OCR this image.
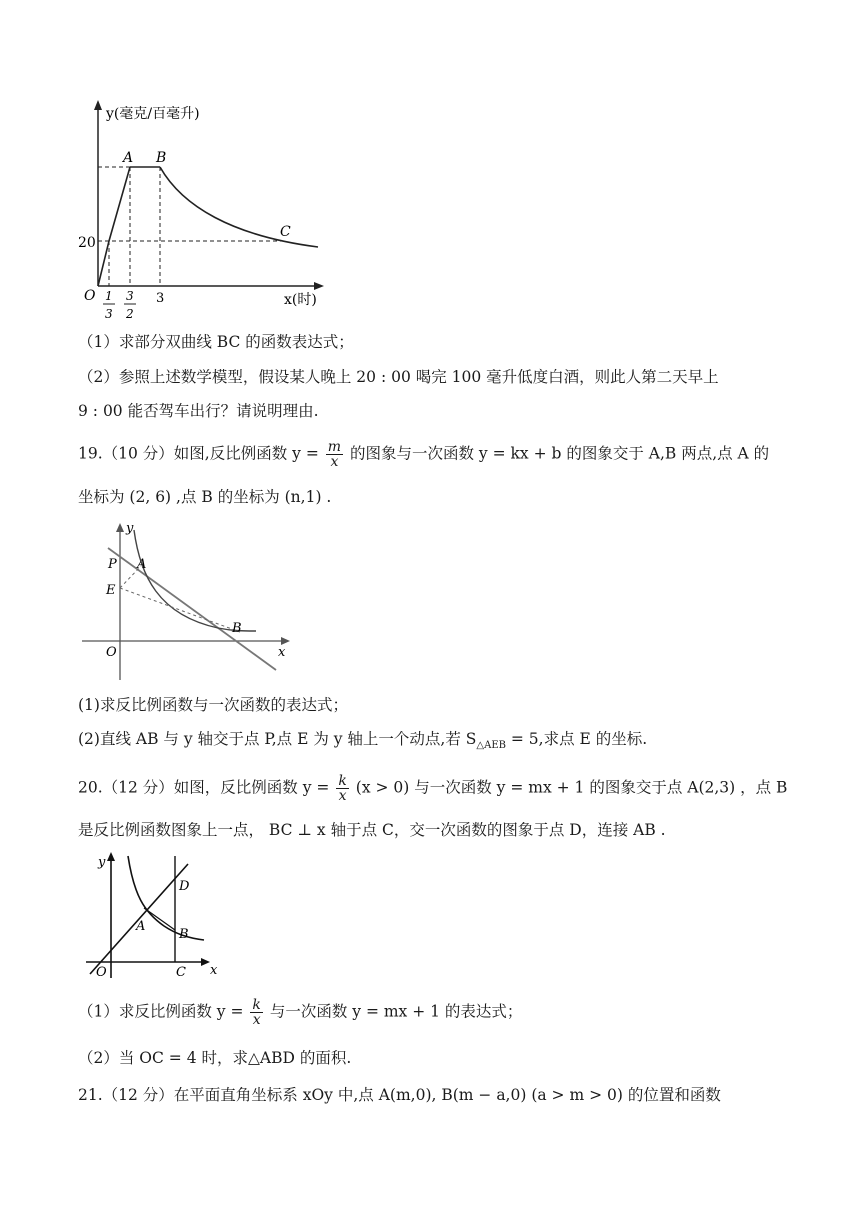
y(毫克/百毫升)
A B
C
20
O 1
3
3
2
3	x(时)
（1）求部分双曲线 BC 的函数表达式；
（2）参照上述数学模型，假设某人晚上 20 : 00 喝完 100 毫升低度白酒，则此人第二天早上
9 : 00 能否驾车出行？请说明理由.
19.（10 分）如图,反比例函数 $y = \frac{m}{x}$ 的图象与一次函数 y = kx + b 的图象交于 A,B 两点,点 A 的
坐标为 (2, 6) ,点 B 的坐标为 (n,1) .
y
P A
E
B
O	x
(1)求反比例函数与一次函数的表达式；
(2)直线 AB 与 y 轴交于点 P,点 E 为 y 轴上一个动点,若 $S_{\triangle AEB} = 5$,求点 E 的坐标.
20.（12 分）如图，反比例函数 $y = \frac{k}{x} (x > 0)$ 与一次函数 y = mx + 1 的图象交于点 A(2,3) ，点 B
是反比例函数图象上一点， BC ⊥ x 轴于点 C，交一次函数的图象于点 D，连接 AB .
y
D
A
B
O	C x
（1）求反比例函数 $y = \frac{k}{x}$ 与一次函数 y = mx + 1 的表达式；
（2）当 OC = 4 时，求△ABD 的面积.
21.（12 分）在平面直角坐标系 xOy 中,点 A(m,0), B(m − a,0) (a > m > 0) 的位置和函数
